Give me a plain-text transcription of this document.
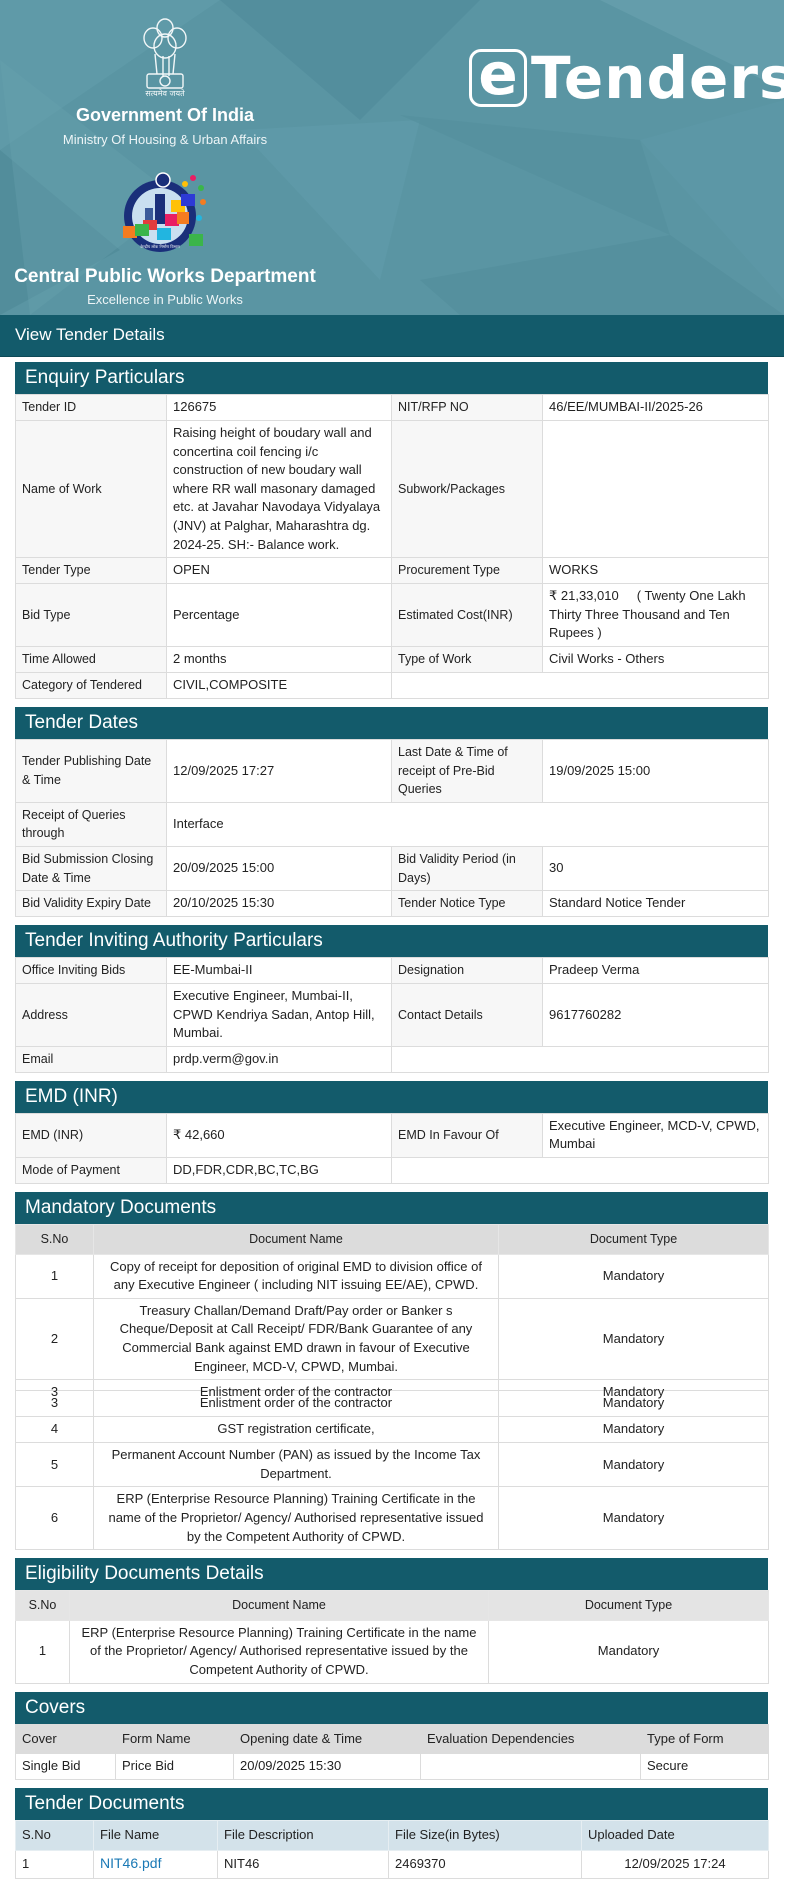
सत्यमेव जयते
Government Of India
Ministry Of Housing & Urban Affairs
केन्द्रीय लोक निर्माण विभाग
Central Public Works Department
Excellence in Public Works
e Tenders
View Tender Details
Enquiry Particulars
Tender ID	126675	NIT/RFP NO	46/EE/MUMBAI-II/2025-26
Name of Work	Raising height of boudary wall and concertina coil fencing i/c construction of new boudary wall where RR wall masonary damaged etc. at Javahar Navodaya Vidyalaya (JNV) at Palghar, Maharashtra dg. 2024-25. SH:- Balance work.	Subwork/Packages	
Tender Type	OPEN	Procurement Type	WORKS
Bid Type	Percentage	Estimated Cost(INR)	₹ 21,33,010 ( Twenty One Lakh Thirty Three Thousand and Ten Rupees )
Time Allowed	2 months	Type of Work	Civil Works - Others
Category of Tendered	CIVIL,COMPOSITE		
Tender Dates
Tender Publishing Date & Time	12/09/2025 17:27	Last Date & Time of receipt of Pre-Bid Queries	19/09/2025 15:00
Receipt of Queries through	Interface		
Bid Submission Closing Date & Time	20/09/2025 15:00	Bid Validity Period (in Days)	30
Bid Validity Expiry Date	20/10/2025 15:30	Tender Notice Type	Standard Notice Tender
Tender Inviting Authority Particulars
Office Inviting Bids	EE-Mumbai-II	Designation	Pradeep Verma
Address	Executive Engineer, Mumbai-II, CPWD Kendriya Sadan, Antop Hill, Mumbai.	Contact Details	9617760282
Email	prdp.verm@gov.in		
EMD (INR)
EMD (INR)	₹ 42,660	EMD In Favour Of	Executive Engineer, MCD-V, CPWD, Mumbai
Mode of Payment	DD,FDR,CDR,BC,TC,BG		
Mandatory Documents
S.No	Document Name	Document Type
1	Copy of receipt for deposition of original EMD to division office of any Executive Engineer ( including NIT issuing EE/AE), CPWD.	Mandatory
2	Treasury Challan/Demand Draft/Pay order or Banker s Cheque/Deposit at Call Receipt/ FDR/Bank Guarantee of any Commercial Bank against EMD drawn in favour of Executive Engineer, MCD-V, CPWD, Mumbai.	Mandatory

3	Enlistment order of the contractor	Mandatory
4	GST registration certificate,	Mandatory
5	Permanent Account Number (PAN) as issued by the Income Tax Department.	Mandatory
6	ERP (Enterprise Resource Planning) Training Certificate in the name of the Proprietor/ Agency/ Authorised representative issued by the Competent Authority of CPWD.	Mandatory
Eligibility Documents Details
S.No	Document Name	Document Type
1	ERP (Enterprise Resource Planning) Training Certificate in the name of the Proprietor/ Agency/ Authorised representative issued by the Competent Authority of CPWD.	Mandatory
Covers
Cover	Form Name	Opening date & Time	Evaluation Dependencies	Type of Form
Single Bid	Price Bid	20/09/2025 15:30		Secure
Tender Documents
S.No	File Name	File Description	File Size(in Bytes)	Uploaded Date
1	NIT46.pdf	NIT46	2469370	12/09/2025 17:24
